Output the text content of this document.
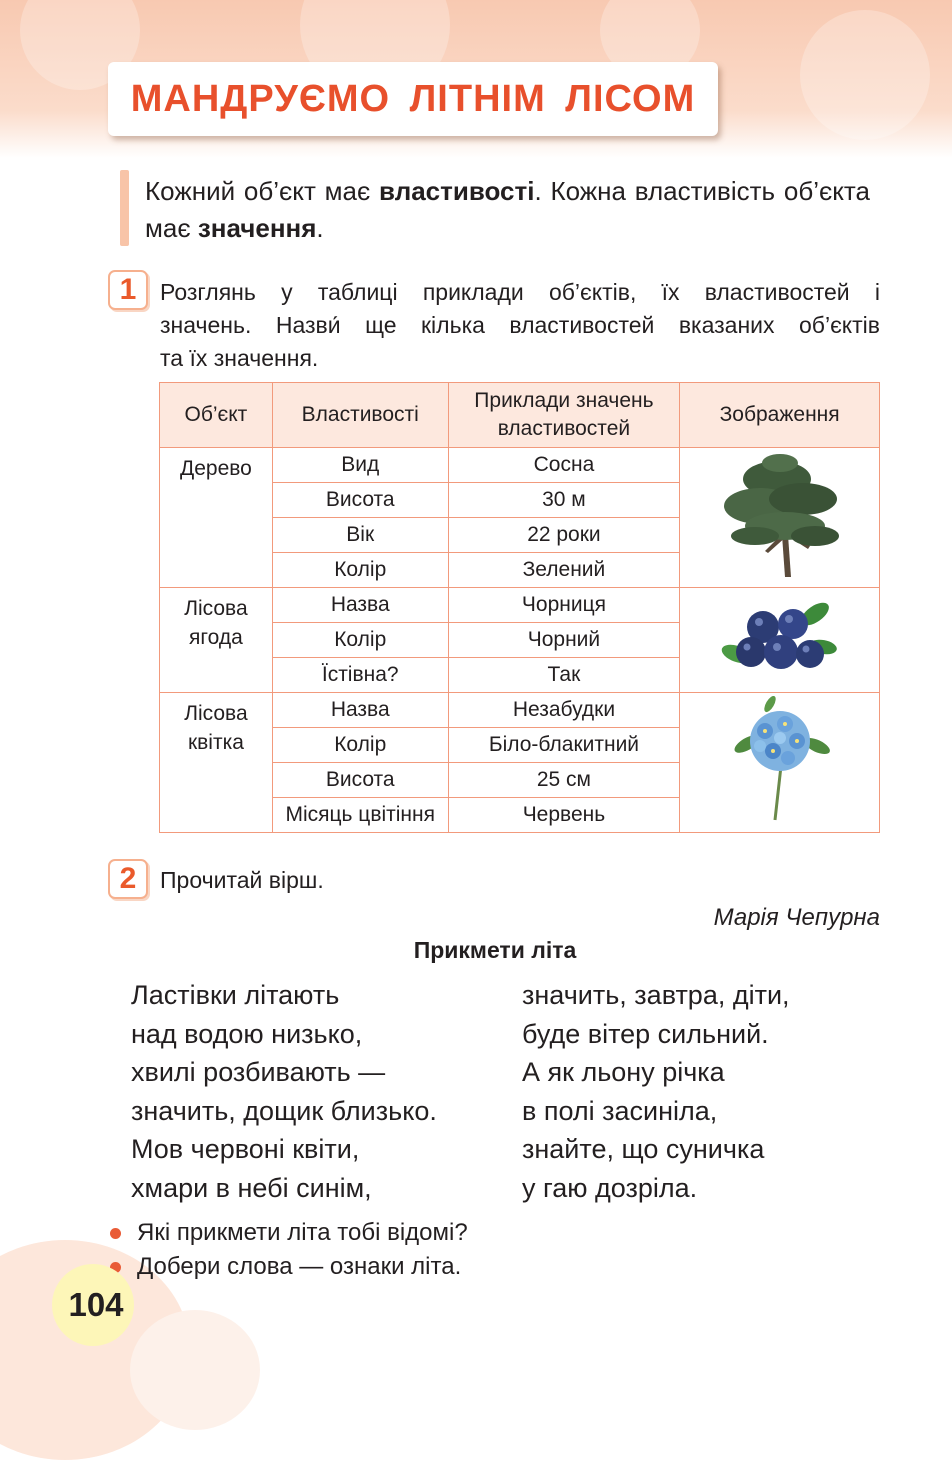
МАНДРУЄМО ЛІТНІМ ЛІСОМ
Кожний об’єкт має властивості. Кожна властивість об’єкта має значення.
1	Розглянь у таблиці приклади об’єктів, їх властивостей і
значень. Назви́ ще кілька властивостей вказаних об’єктів
та їх значення.
Об’єкт	Властивості	Приклади значень
властивостей	Зображення

Дерево	Вид	Сосна	
	Висота	30 м	
	Вік	22 роки	
	Колір	Зелений	

Лісова
ягода	Назва	Чорниця	
	Колір	Чорний	
	Їстівна?	Так	

Лісова
квітка	Назва	Незабудки	
	Колір	Біло-блакитний	
	Висота	25 см	
	Місяць цвітіння	Червень	
2	Прочитай вірш.
Марія Чепурна
Прикмети літа
Ластівки літають
над водою низько,
хвилі розбивають —
значить, дощик близько.
Мов червоні квіти,
хмари в небі синім,
значить, завтра, діти,
буде вітер сильний.
А як льону річка
в полі засиніла,
знайте, що суничка
у гаю дозріла.
Які прикмети літа тобі відомі?
Добери слова — ознаки літа.
104
